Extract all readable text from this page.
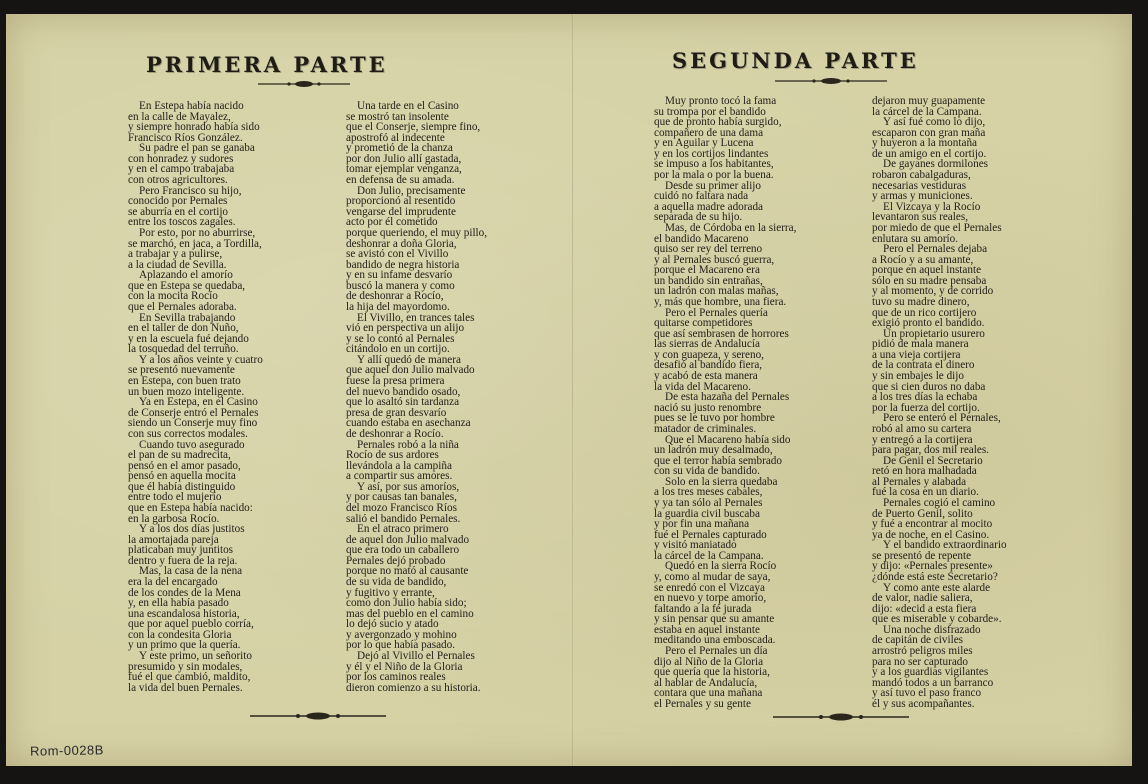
PRIMERA PARTE	SEGUNDA PARTE
En Estepa había nacido
en la calle de Mayalez,
y siempre honrado había sido
Francisco Ríos González.
Su padre el pan se ganaba
con honradez y sudores
y en el campo trabajaba
con otros agricultores.
Pero Francisco su hijo,
conocido por Pernales
se aburría en el cortijo
entre los toscos zagales.
Por esto, por no aburrirse,
se marchó, en jaca, a Tordilla,
a trabajar y a pulirse,
a la ciudad de Sevilla.
Aplazando el amorío
que en Estepa se quedaba,
con la mocita Rocío
que el Pernales adoraba.
En Sevilla trabajando
en el taller de don Nuño,
y en la escuela fué dejando
la tosquedad del terruño.
Y a los años veinte y cuatro
se presentó nuevamente
en Estepa, con buen trato
un buen mozo inteligente.
Ya en Estepa, en el Casino
de Conserje entró el Pernales
siendo un Conserje muy fino
con sus correctos modales.
Cuando tuvo asegurado
el pan de su madrecita,
pensó en el amor pasado,
pensó en aquella mocita
que él había distinguido
entre todo el mujerío
que en Estepa había nacido:
en la garbosa Rocío.
Y a los dos días justitos
la amortajada pareja
platicaban muy juntitos
dentro y fuera de la reja.
Mas, la casa de la nena
era la del encargado
de los condes de la Mena
y, en ella había pasado
una escandalosa historia,
que por aquel pueblo corría,
con la condesita Gloria
y un primo que la quería.
Y este primo, un señorito
presumido y sin modales,
fué el que cambió, maldito,
la vida del buen Pernales.
Una tarde en el Casino
se mostró tan insolente
que el Conserje, siempre fino,
apostrofó al indecente
y prometió de la chanza
por don Julio allí gastada,
tomar ejemplar venganza,
en defensa de su amada.
Don Julio, precisamente
proporcionó al resentido
vengarse del imprudente
acto por él cometido
porque queriendo, el muy pillo,
deshonrar a doña Gloria,
se avistó con el Vivillo
bandido de negra historia
y en su infame desvarío
buscó la manera y como
de deshonrar a Rocío,
la hija del mayordomo.
El Vivillo, en trances tales
vió en perspectiva un alijo
y se lo contó al Pernales
citándolo en un cortijo.
Y allí quedó de manera
que aquel don Julio malvado
fuese la presa primera
del nuevo bandido osado,
que lo asaltó sin tardanza
presa de gran desvarío
cuando estaba en asechanza
de deshonrar a Rocío.
Pernales robó a la niña
Rocío de sus ardores
llevándola a la campiña
a compartir sus amores.
Y así, por sus amoríos,
y por causas tan banales,
del mozo Francisco Ríos
salió el bandido Pernales.
En el atraco primero
de aquel don Julio malvado
que era todo un caballero
Pernales dejó probado
porque no mató al causante
de su vida de bandido,
y fugitivo y errante,
como don Julio había sido;
mas del pueblo en el camino
lo dejó sucio y atado
y avergonzado y mohino
por lo que había pasado.
Dejó al Vivillo el Pernales
y él y el Niño de la Gloria
por los caminos reales
dieron comienzo a su historia.
Muy pronto tocó la fama
su trompa por el bandido
que de pronto había surgido,
compañero de una dama
y en Aguilar y Lucena
y en los cortijos lindantes
se impuso a los habitantes,
por la mala o por la buena.
Desde su primer alijo
cuidó no faltara nada
a aquella madre adorada
separada de su hijo.
Mas, de Córdoba en la sierra,
el bandido Macareno
quiso ser rey del terreno
y al Pernales buscó guerra,
porque el Macareno era
un bandido sin entrañas,
un ladrón con malas mañas,
y, más que hombre, una fiera.
Pero el Pernales quería
quitarse competidores
que así sembrasen de horrores
las sierras de Andalucía
y con guapeza, y sereno,
desafió al bandido fiera,
y acabó de esta manera
la vida del Macareno.
De esta hazaña del Pernales
nació su justo renombre
pues se le tuvo por hombre
matador de criminales.
Que el Macareno había sido
un ladrón muy desalmado,
que el terror había sembrado
con su vida de bandido.
Solo en la sierra quedaba
a los tres meses cabales,
y ya tan sólo al Pernales
la guardia civil buscaba
y por fin una mañana
fué el Pernales capturado
y visitó maniatado
la cárcel de la Campana.
Quedó en la sierra Rocío
y, como al mudar de saya,
se enredó con el Vizcaya
en nuevo y torpe amorío,
faltando a la fé jurada
y sin pensar que su amante
estaba en aquel instante
meditando una emboscada.
Pero el Pernales un día
dijo al Niño de la Gloria
que quería que la historia,
al hablar de Andalucía,
contara que una mañana
el Pernales y su gente
dejaron muy guapamente
la cárcel de la Campana.
Y así fué como lo dijo,
escaparon con gran maña
y huyeron a la montaña
de un amigo en el cortijo.
De gayanes dormilones
robaron cabalgaduras,
necesarias vestiduras
y armas y municiones.
El Vizcaya y la Rocío
levantaron sus reales,
por miedo de que el Pernales
enlutara su amorío.
Pero el Pernales dejaba
a Rocío y a su amante,
porque en aquel instante
sólo en su madre pensaba
y al momento, y de corrido
tuvo su madre dinero,
que de un rico cortijero
exigió pronto el bandido.
Un propietario usurero
pidió de mala manera
a una vieja cortijera
de la contrata el dinero
y sin embajes le dijo
que si cien duros no daba
a los tres días la echaba
por la fuerza del cortijo.
Pero se enteró el Pernales,
robó al amo su cartera
y entregó a la cortijera
para pagar, dos mil reales.
De Genil el Secretario
retó en hora malhadada
al Pernales y alabada
fué la cosa en un diario.
Pernales cogió el camino
de Puerto Genil, solito
y fué a encontrar al mocito
ya de noche, en el Casino.
Y el bandido extraordinario
se presentó de repente
y dijo: «Pernales presente»
¿dónde está este Secretario?
Y como ante este alarde
de valor, nadie saliera,
dijo: «decid a esta fiera
que es miserable y cobarde».
Una noche disfrazado
de capitán de civiles
arrostró peligros miles
para no ser capturado
y a los guardias vigilantes
mandó todos a un barranco
y así tuvo el paso franco
él y sus acompañantes.
Rom-0028B
